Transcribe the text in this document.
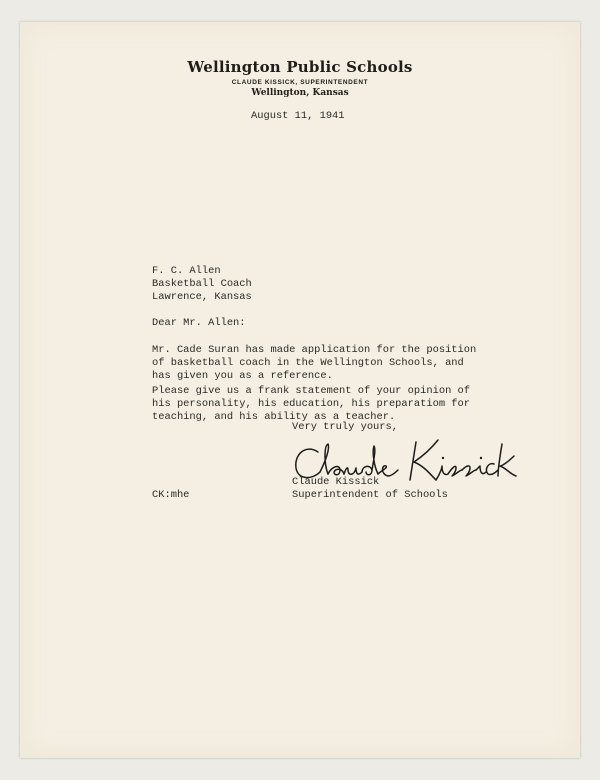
Wellington Public Schools
CLAUDE KISSICK, SUPERINTENDENT
Wellington, Kansas
August 11, 1941
F. C. Allen
Basketball Coach
Lawrence, Kansas
Dear Mr. Allen:
Mr. Cade Suran has made application for the position
of basketball coach in the Wellington Schools, and
has given you as a reference.
Please give us a frank statement of your opinion of
his personality, his education, his preparatiom for
teaching, and his ability as a teacher.
Very truly yours,
Claude Kissick
Superintendent of Schools
CK:mhe
